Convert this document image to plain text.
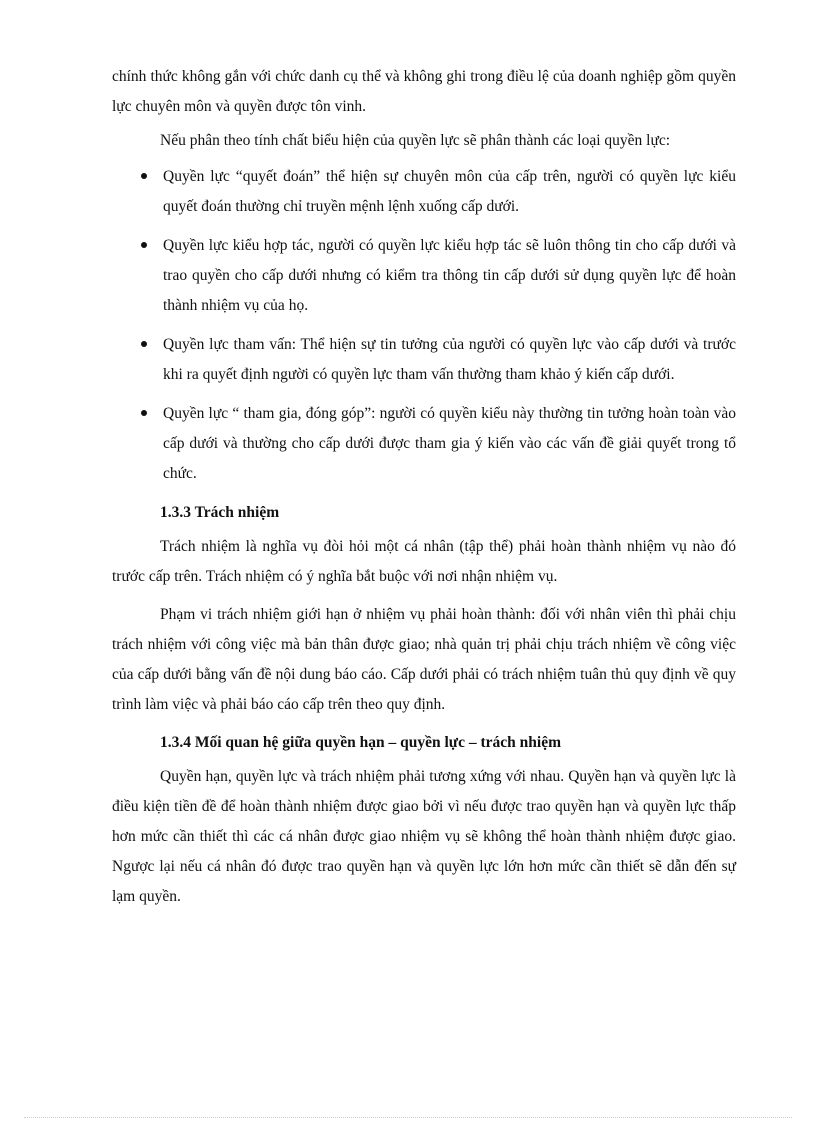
chính thức không gắn với chức danh cụ thể và không ghi trong điều lệ của doanh nghiệp gồm quyền lực chuyên môn và quyền được tôn vinh.

Nếu phân theo tính chất biểu hiện của quyền lực sẽ phân thành các loại quyền lực:

Quyền lực “quyết đoán” thể hiện sự chuyên môn của cấp trên, người có quyền lực kiểu quyết đoán thường chỉ truyền mệnh lệnh xuống cấp dưới.
Quyền lực kiểu hợp tác, người có quyền lực kiểu hợp tác sẽ luôn thông tin cho cấp dưới và trao quyền cho cấp dưới nhưng có kiểm tra thông tin cấp dưới sử dụng quyền lực để hoàn thành nhiệm vụ của họ.
Quyền lực tham vấn: Thể hiện sự tin tưởng của người có quyền lực vào cấp dưới và trước khi ra quyết định người có quyền lực tham vấn thường tham khảo ý kiến cấp dưới.
Quyền lực “ tham gia, đóng góp”: người có quyền kiểu này thường tin tưởng hoàn toàn vào cấp dưới và thường cho cấp dưới được tham gia ý kiến vào các vấn đề giải quyết trong tổ chức.
1.3.3 Trách nhiệm

Trách nhiệm là nghĩa vụ đòi hỏi một cá nhân (tập thể) phải hoàn thành nhiệm vụ nào đó trước cấp trên. Trách nhiệm có ý nghĩa bắt buộc với nơi nhận nhiệm vụ.

Phạm vi trách nhiệm giới hạn ở nhiệm vụ phải hoàn thành: đối với nhân viên thì phải chịu trách nhiệm với công việc mà bản thân được giao; nhà quản trị phải chịu trách nhiệm về công việc của cấp dưới bằng vấn đề nội dung báo cáo. Cấp dưới phải có trách nhiệm tuân thủ quy định về quy trình làm việc và phải báo cáo cấp trên theo quy định.

1.3.4 Mối quan hệ giữa quyền hạn – quyền lực – trách nhiệm

Quyền hạn, quyền lực và trách nhiệm phải tương xứng với nhau. Quyền hạn và quyền lực là điều kiện tiền đề để hoàn thành nhiệm được giao bởi vì nếu được trao quyền hạn và quyền lực thấp hơn mức cần thiết thì các cá nhân được giao nhiệm vụ sẽ không thể hoàn thành nhiệm được giao. Ngược lại nếu cá nhân đó được trao quyền hạn và quyền lực lớn hơn mức cần thiết sẽ dẫn đến sự lạm quyền.
